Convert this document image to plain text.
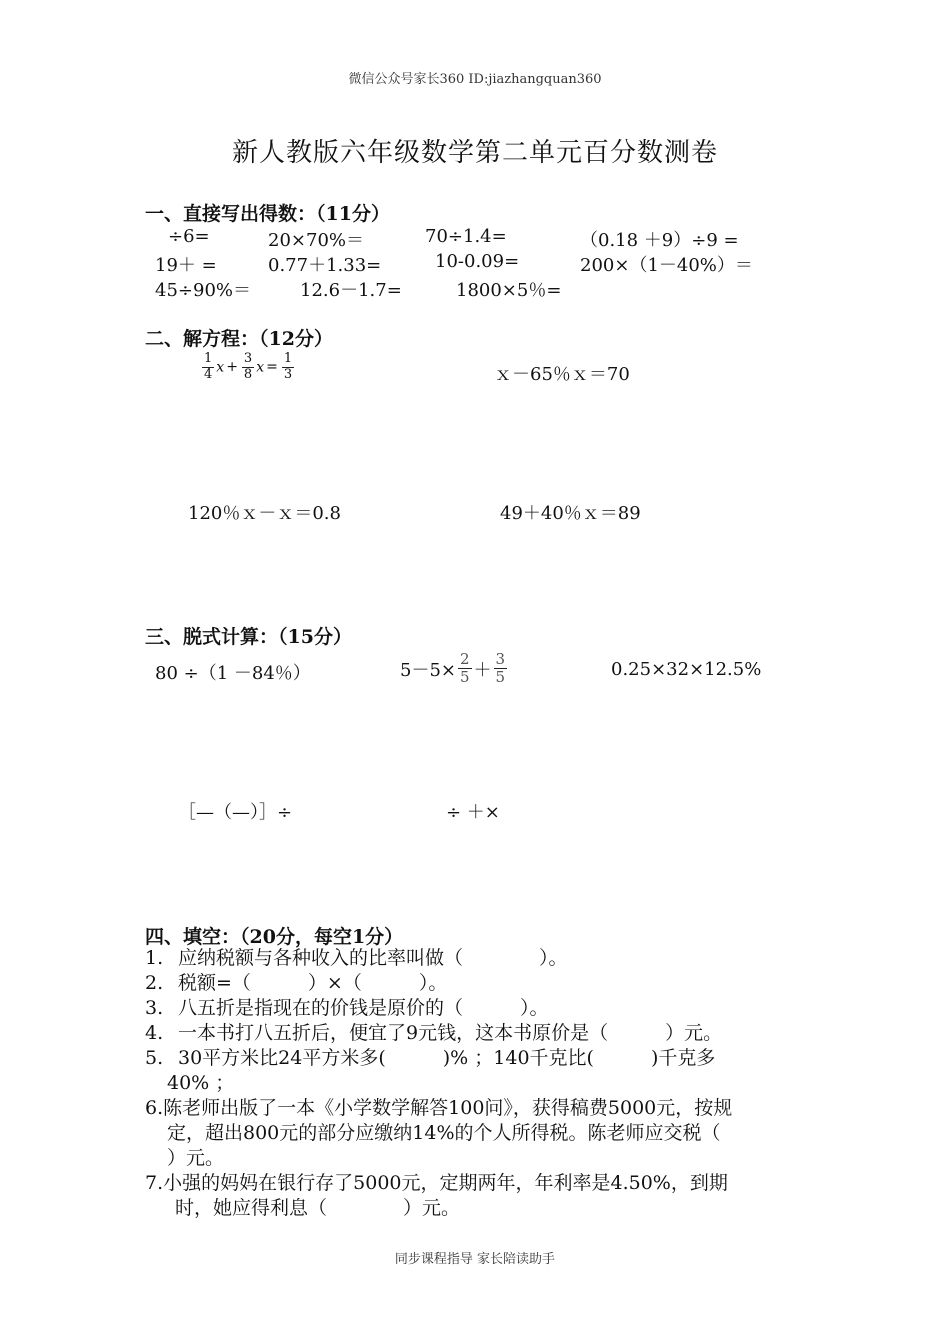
微信公众号家长360 ID:jiazhangquan360
新人教版六年级数学第二单元百分数测卷
一、直接写出得数：（11分）
÷6=	20×70%＝	70÷1.4=	（0.18 ＋9）÷9 =
19＋ =	0.77＋1.33=	10-0.09=	200×（1－40%）＝
45÷90%＝	12.6－1.7=	1800×5％=
二、解方程：（12分）
$\frac{1}{4}$ $x + \frac{3}{8}$ $x = \frac{1}{3}$	ｘ－65％ｘ＝70
120％ｘ－ｘ＝0.8	49＋40％ｘ＝89
三、脱式计算：（15分）
80 ÷（1 －84％）	$5-5\times \frac{2}{5} + \frac{3}{5}$	0.25×32×12.5%
［—（—）］÷	÷ ＋×
四、填空：（20分，每空1分）
1. 应纳税额与各种收入的比率叫做（　　　　）。
2. 税额=（　　　）×（　　　）。
3. 八五折是指现在的价钱是原价的（　　　）。
4. 一本书打八五折后，便宜了9元钱，这本书原价是（　　　）元。
5. 30平方米比24平方米多(　　　)% ；140千克比(　　　)千克多
40% ；
6.陈老师出版了一本《小学数学解答100问》，获得稿费5000元，按规
定，超出800元的部分应缴纳14%的个人所得税。陈老师应交税（
）元。
7.小强的妈妈在银行存了5000元，定期两年，年利率是4.50%，到期
时，她应得利息（　　　　）元。
同步课程指导 家长陪读助手
